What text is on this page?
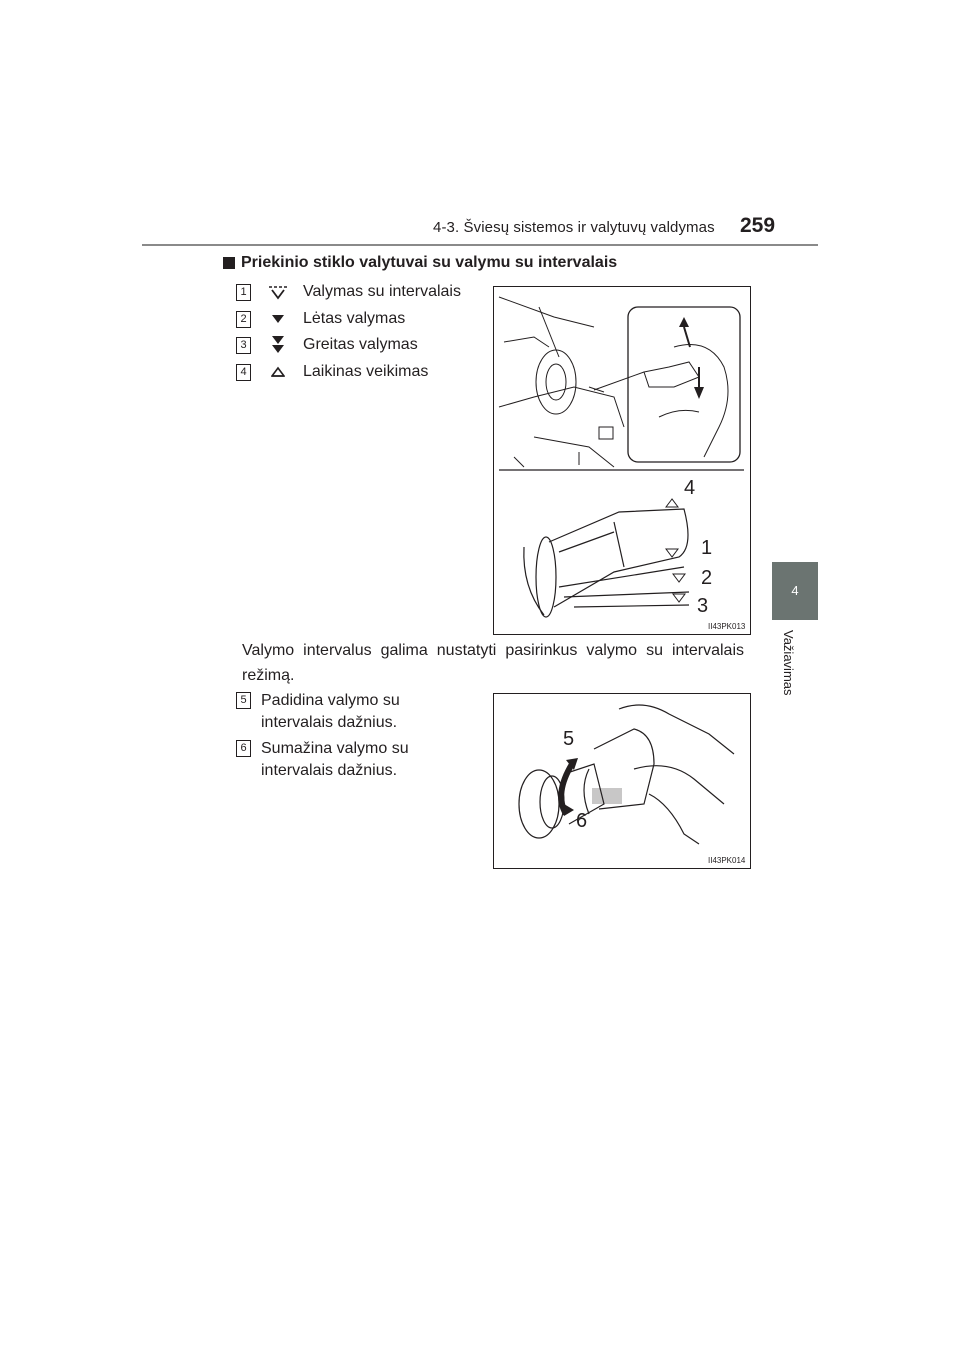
4-3. Šviesų sistemos ir valytuvų valdymas 259
4
Važiavimas
Priekinio stiklo valytuvai su valymu su intervalais
1	Valymas su intervalais
2	Lėtas valymas
3	Greitas valymas
4	Laikinas veikimas
4
1
2
3
II43PK013
Valymo intervalus galima nustatyti pasirinkus valymo su intervalais režimą.
5 Padidina valymo su
intervalais dažnius.
6 Sumažina valymo su
intervalais dažnius.
5
6
II43PK014
